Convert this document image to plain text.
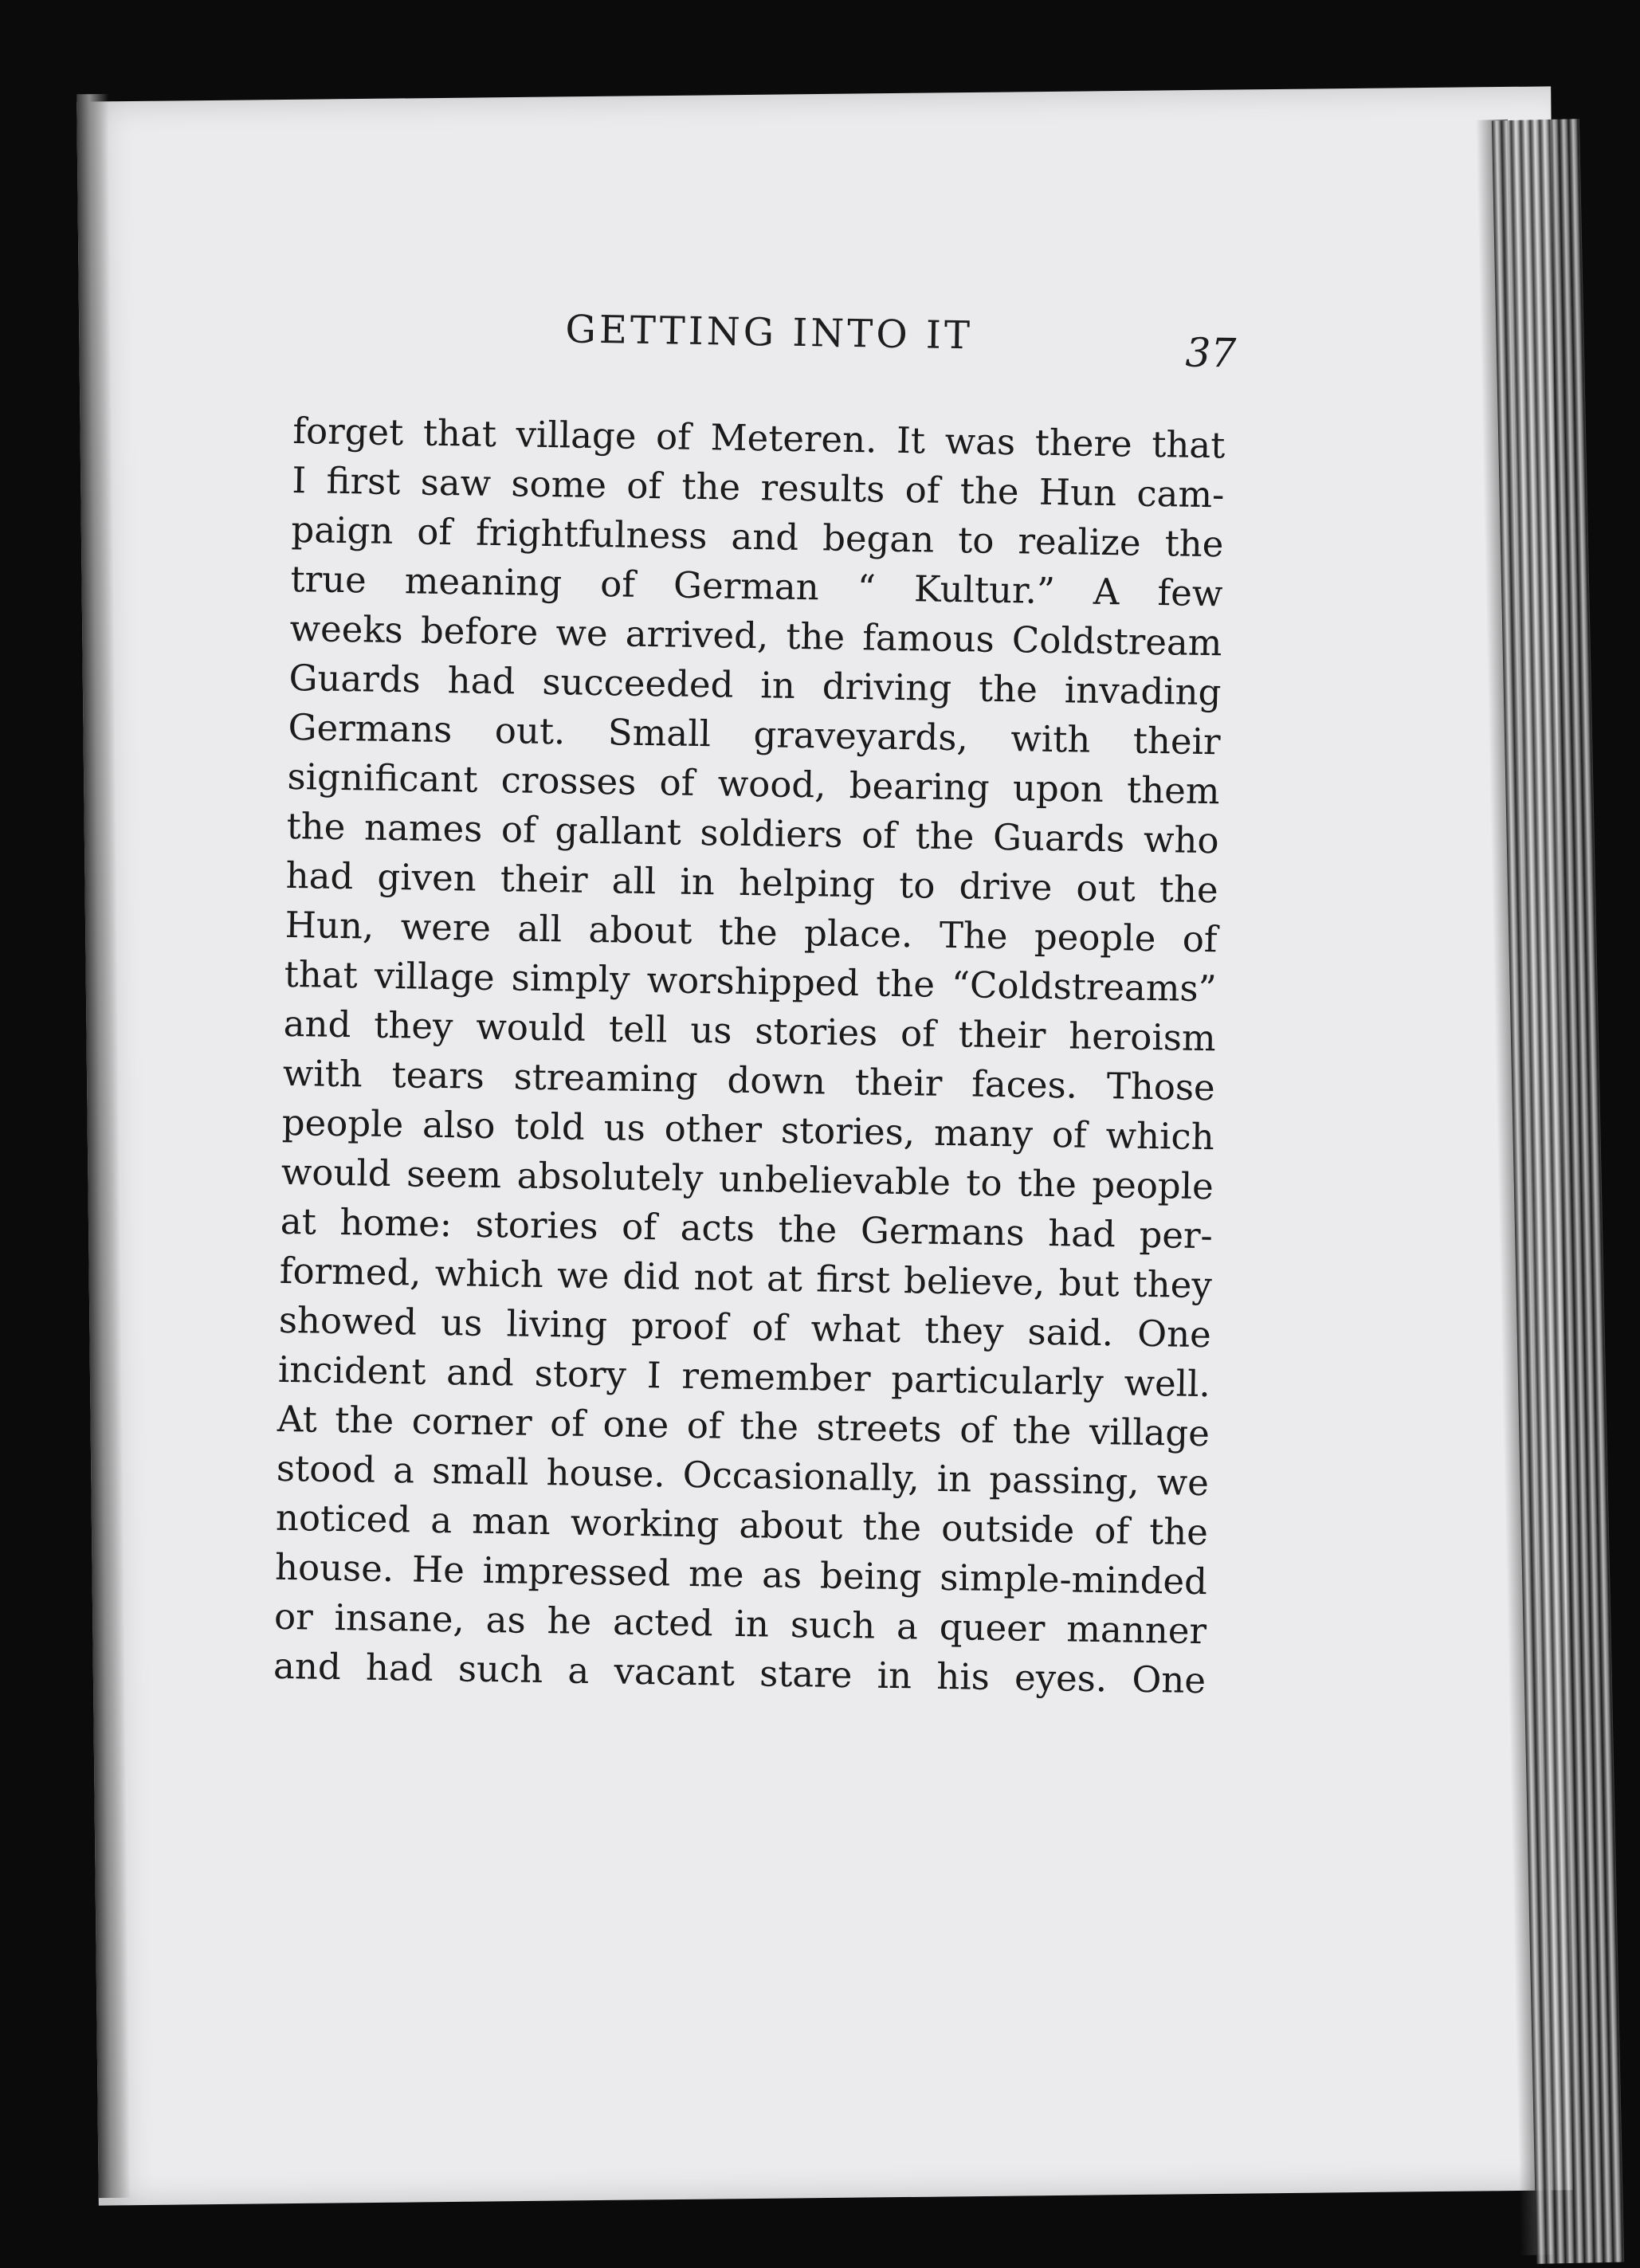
GETTING INTO IT	37
forget that village of Meteren. It was there that
I first saw some of the results of the Hun cam-
paign of frightfulness and began to realize the
true meaning of German “ Kultur.” A few
weeks before we arrived, the famous Coldstream
Guards had succeeded in driving the invading
Germans out. Small graveyards, with their
significant crosses of wood, bearing upon them
the names of gallant soldiers of the Guards who
had given their all in helping to drive out the
Hun, were all about the place. The people of
that village simply worshipped the “Coldstreams”
and they would tell us stories of their heroism
with tears streaming down their faces. Those
people also told us other stories, many of which
would seem absolutely unbelievable to the people
at home: stories of acts the Germans had per-
formed, which we did not at first believe, but they
showed us living proof of what they said. One
incident and story I remember particularly well.
At the corner of one of the streets of the village
stood a small house. Occasionally, in passing, we
noticed a man working about the outside of the
house. He impressed me as being simple-minded
or insane, as he acted in such a queer manner
and had such a vacant stare in his eyes. One
